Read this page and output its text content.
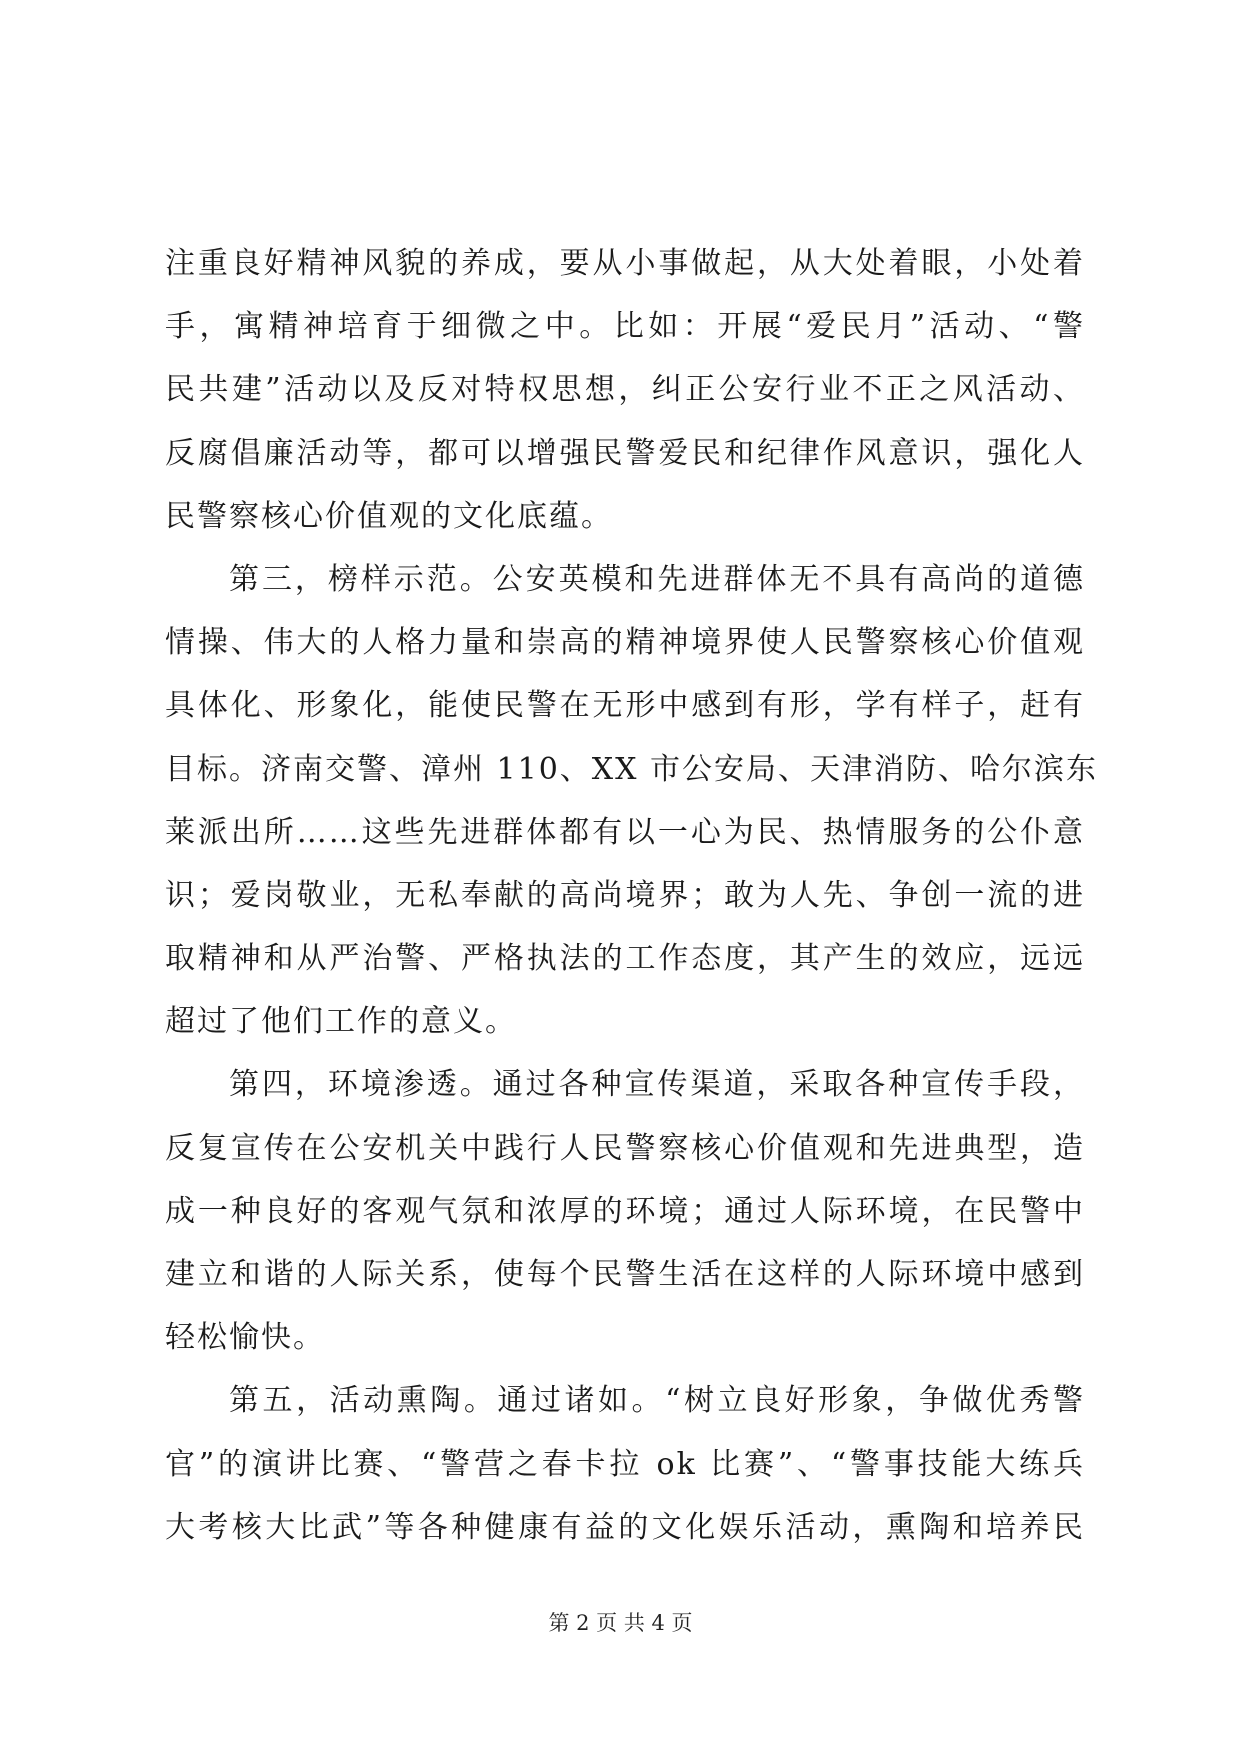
注重良好精神风貌的养成，要从小事做起，从大处着眼，小处着
手，寓精神培育于细微之中。比如：开展“爱民月”活动、“警
民共建”活动以及反对特权思想，纠正公安行业不正之风活动、
反腐倡廉活动等，都可以增强民警爱民和纪律作风意识，强化人
民警察核心价值观的文化底蕴。
第三，榜样示范。公安英模和先进群体无不具有高尚的道德
情操、伟大的人格力量和崇高的精神境界使人民警察核心价值观
具体化、形象化，能使民警在无形中感到有形，学有样子，赶有
目标。济南交警、漳州 110、XX 市公安局、天津消防、哈尔滨东
莱派出所……这些先进群体都有以一心为民、热情服务的公仆意
识；爱岗敬业，无私奉献的高尚境界；敢为人先、争创一流的进
取精神和从严治警、严格执法的工作态度，其产生的效应，远远
超过了他们工作的意义。
第四，环境渗透。通过各种宣传渠道，采取各种宣传手段，
反复宣传在公安机关中践行人民警察核心价值观和先进典型，造
成一种良好的客观气氛和浓厚的环境；通过人际环境，在民警中
建立和谐的人际关系，使每个民警生活在这样的人际环境中感到
轻松愉快。
第五，活动熏陶。通过诸如。“树立良好形象，争做优秀警
官”的演讲比赛、“警营之春卡拉 ok 比赛”、“警事技能大练兵
大考核大比武”等各种健康有益的文化娱乐活动，熏陶和培养民
第 2 页 共 4 页
